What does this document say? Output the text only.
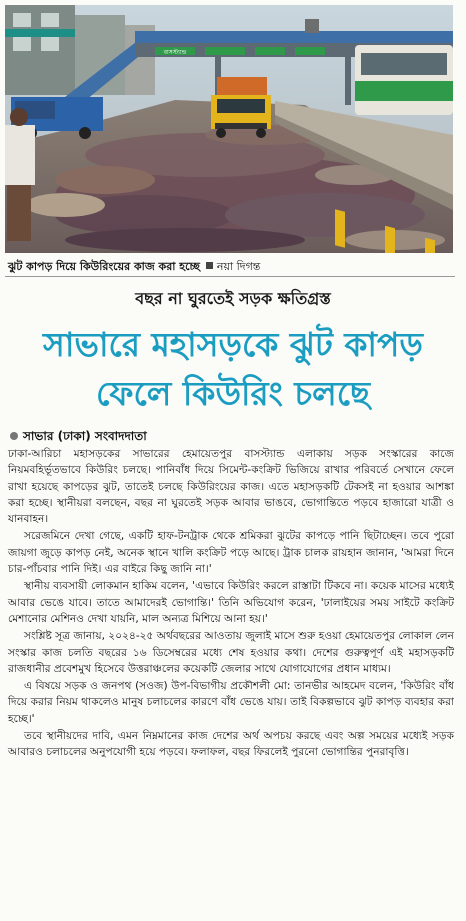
বাসস্ট্যান্ড
ঝুট কাপড় দিয়ে কিউরিংয়ের কাজ করা হচ্ছে নয়া দিগন্ত
বছর না ঘুরতেই সড়ক ক্ষতিগ্রস্ত
সাভারে মহাসড়কে ঝুট কাপড়
ফেলে কিউরিং চলছে
সাভার (ঢাকা) সংবাদদাতা

ঢাকা-আরিচা মহাসড়কের সাভারের হেমায়েতপুর বাসস্ট্যান্ড এলাকায় সড়ক সংস্কারের কাজে নিয়মবহির্ভূতভাবে কিউরিং চলছে। পানিবাঁধ দিয়ে সিমেন্ট-কংক্রিট ভিজিয়ে রাখার পরিবর্তে সেখানে ফেলে রাখা হয়েছে কাপড়ের ঝুট, তাতেই চলছে কিউরিংয়ের কাজ। এতে মহাসড়কটি টেকসই না হওয়ার আশঙ্কা করা হচ্ছে। স্থানীয়রা বলছেন, বছর না ঘুরতেই সড়ক আবার ভাঙবে, ভোগান্তিতে পড়বে হাজারো যাত্রী ও যানবাহন।

সরেজমিনে দেখা গেছে, একটি হাফ-টনট্রাক থেকে শ্রমিকরা ঝুটের কাপড়ে পানি ছিটাচ্ছেন। তবে পুরো জায়গা জুড়ে কাপড় নেই, অনেক স্থানে খালি কংক্রিট পড়ে আছে। ট্রাক চালক রায়হান জানান, 'আমরা দিনে চার-পাঁচবার পানি দিই। এর বাইরে কিছু জানি না।'

স্থানীয় ব্যবসায়ী লোকমান হাকিম বলেন, 'এভাবে কিউরিং করলে রাস্তাটা টিকবে না। কয়েক মাসের মধ্যেই আবার ভেঙে যাবে। তাতে আমাদেরই ভোগান্তি।' তিনি অভিযোগ করেন, 'ঢালাইয়ের সময় সাইটে কংক্রিট মেশানোর মেশিনও দেখা যায়নি, মাল অন্যত্র মিশিয়ে আনা হয়।'

সংশ্লিষ্ট সূত্র জানায়, ২০২৪-২৫ অর্থবছরের আওতায় জুলাই মাসে শুরু হওয়া হেমায়েতপুর লোকাল লেন সংস্কার কাজ চলতি বছরের ১৬ ডিসেম্বরের মধ্যে শেষ হওয়ার কথা। দেশের গুরুত্বপূর্ণ এই মহাসড়কটি রাজধানীর প্রবেশমুখ হিসেবে উত্তরাঞ্চলের কয়েকটি জেলার সাথে যোগাযোগের প্রধান মাধ্যম।

এ বিষয়ে সড়ক ও জনপথ (সওজ) উপ-বিভাগীয় প্রকৌশলী মো: তানভীর আহমেদ বলেন, 'কিউরিং বাঁধ দিয়ে করার নিয়ম থাকলেও মানুষ চলাচলের কারণে বাঁধ ভেঙে যায়। তাই বিকল্পভাবে ঝুট কাপড় ব্যবহার করা হচ্ছে।'

তবে স্থানীয়দের দাবি, এমন নিম্নমানের কাজ দেশের অর্থ অপচয় করছে এবং অল্প সময়ের মধ্যেই সড়ক আবারও চলাচলের অনুপযোগী হয়ে পড়বে। ফলাফল, বছর ফিরলেই পুরনো ভোগান্তির পুনরাবৃত্তি।
